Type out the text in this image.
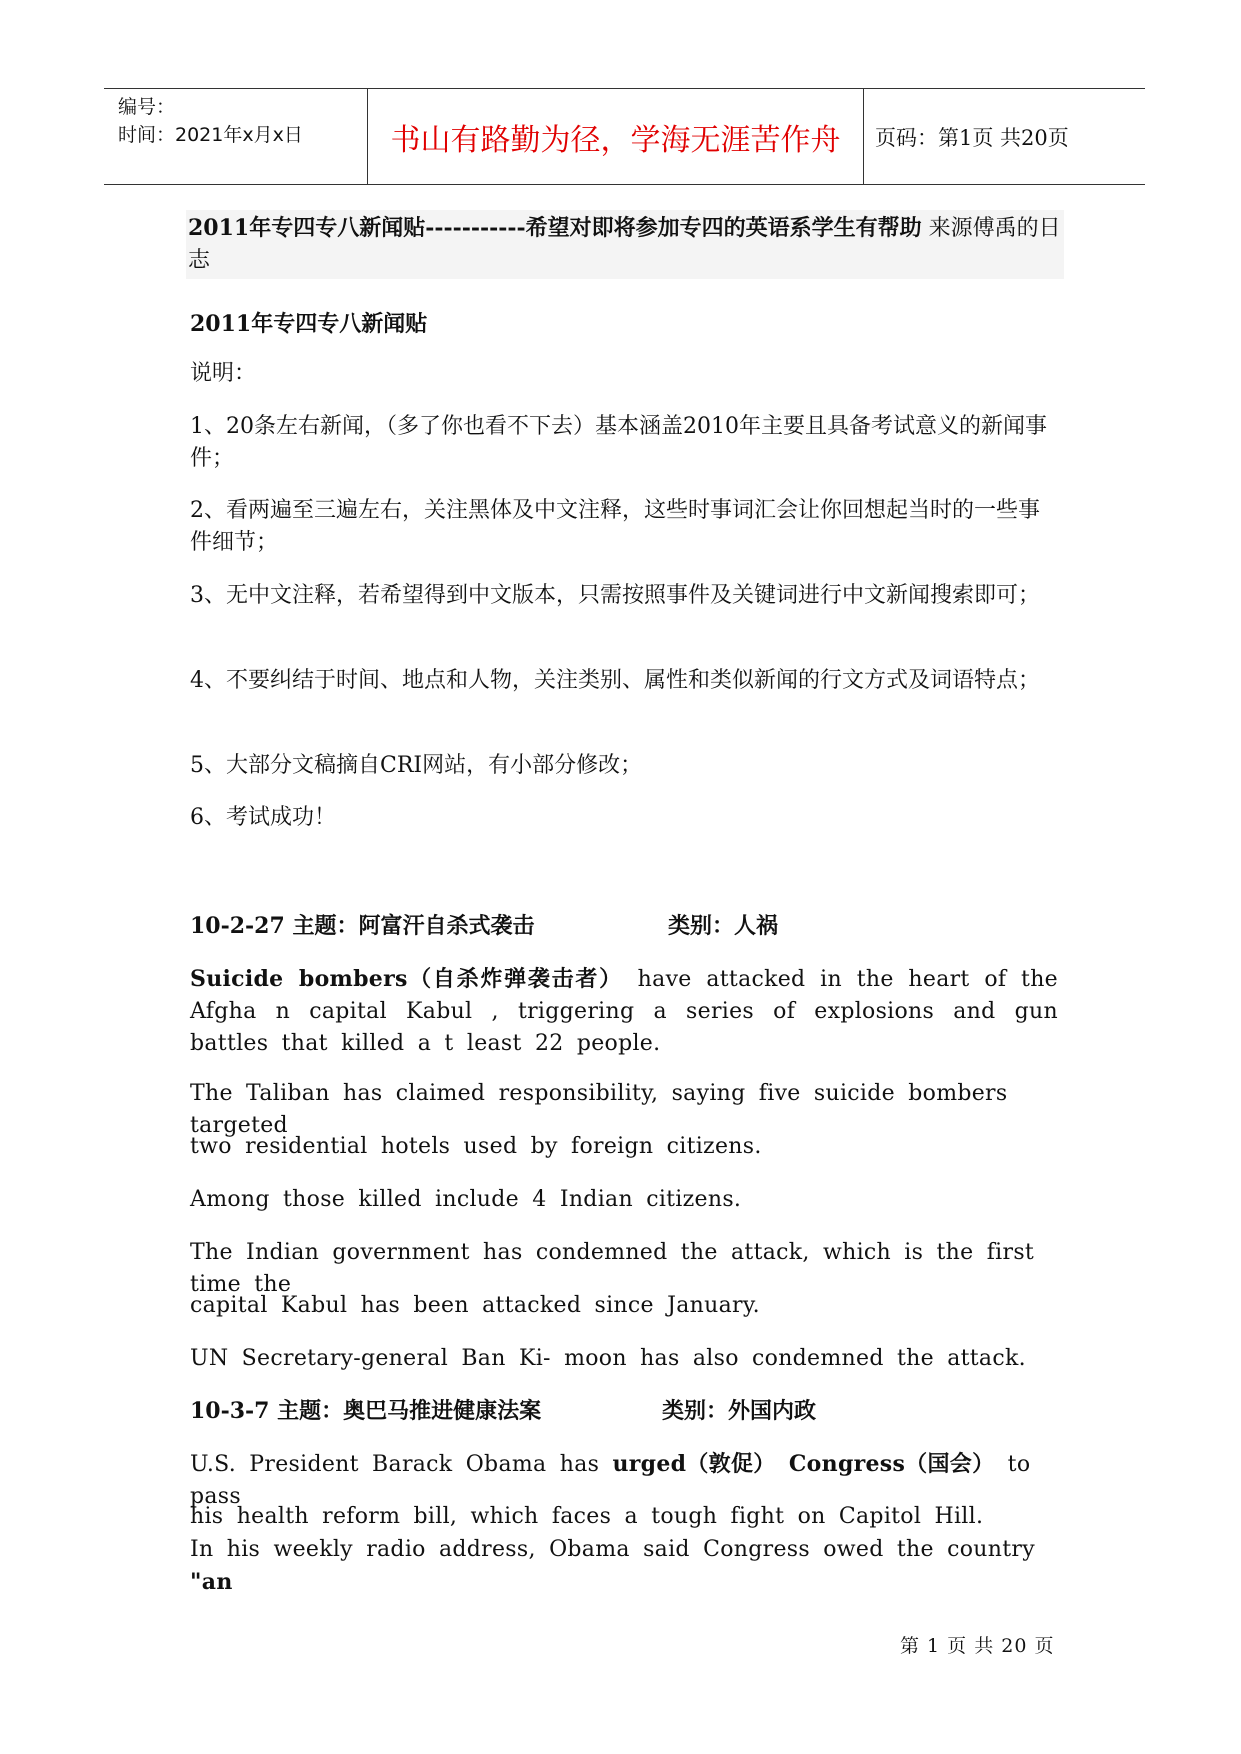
编号：
时间：2021年x月x日	书山有路勤为径，学海无涯苦作舟	页码：第1页 共20页
2011年专四专八新闻贴-----------希望对即将参加专四的英语系学生有帮助 来源傅禹的日志
2011年专四专八新闻贴
说明：
1、20条左右新闻，（多了你也看不下去）基本涵盖2010年主要且具备考试意义的新闻事件；
2、看两遍至三遍左右，关注黑体及中文注释，这些时事词汇会让你回想起当时的一些事件细节；
3、无中文注释，若希望得到中文版本，只需按照事件及关键词进行中文新闻搜索即可；
4、不要纠结于时间、地点和人物，关注类别、属性和类似新闻的行文方式及词语特点；
5、大部分文稿摘自CRI网站，有小部分修改；
6、考试成功！
10-2-27 主题：阿富汗自杀式袭击	类别：人祸
Suicide bombers（自杀炸弹袭击者） have attacked in the heart of the Afgha n capital Kabul , triggering a series of explosions and gun battles that killed a t least 22 people.
The Taliban has claimed responsibility, saying five suicide bombers targeted
two residential hotels used by foreign citizens.
Among those killed include 4 Indian citizens.
The Indian government has condemned the attack, which is the first time the
capital Kabul has been attacked since January.
UN Secretary-general Ban Ki- moon has also condemned the attack.
10-3-7 主题：奥巴马推进健康法案	类别：外国内政
U.S. President Barack Obama has urged（敦促） Congress（国会） to pass
his health reform bill, which faces a tough fight on Capitol Hill.
In his weekly radio address, Obama said Congress owed the country "an
第 1 页 共 20 页
